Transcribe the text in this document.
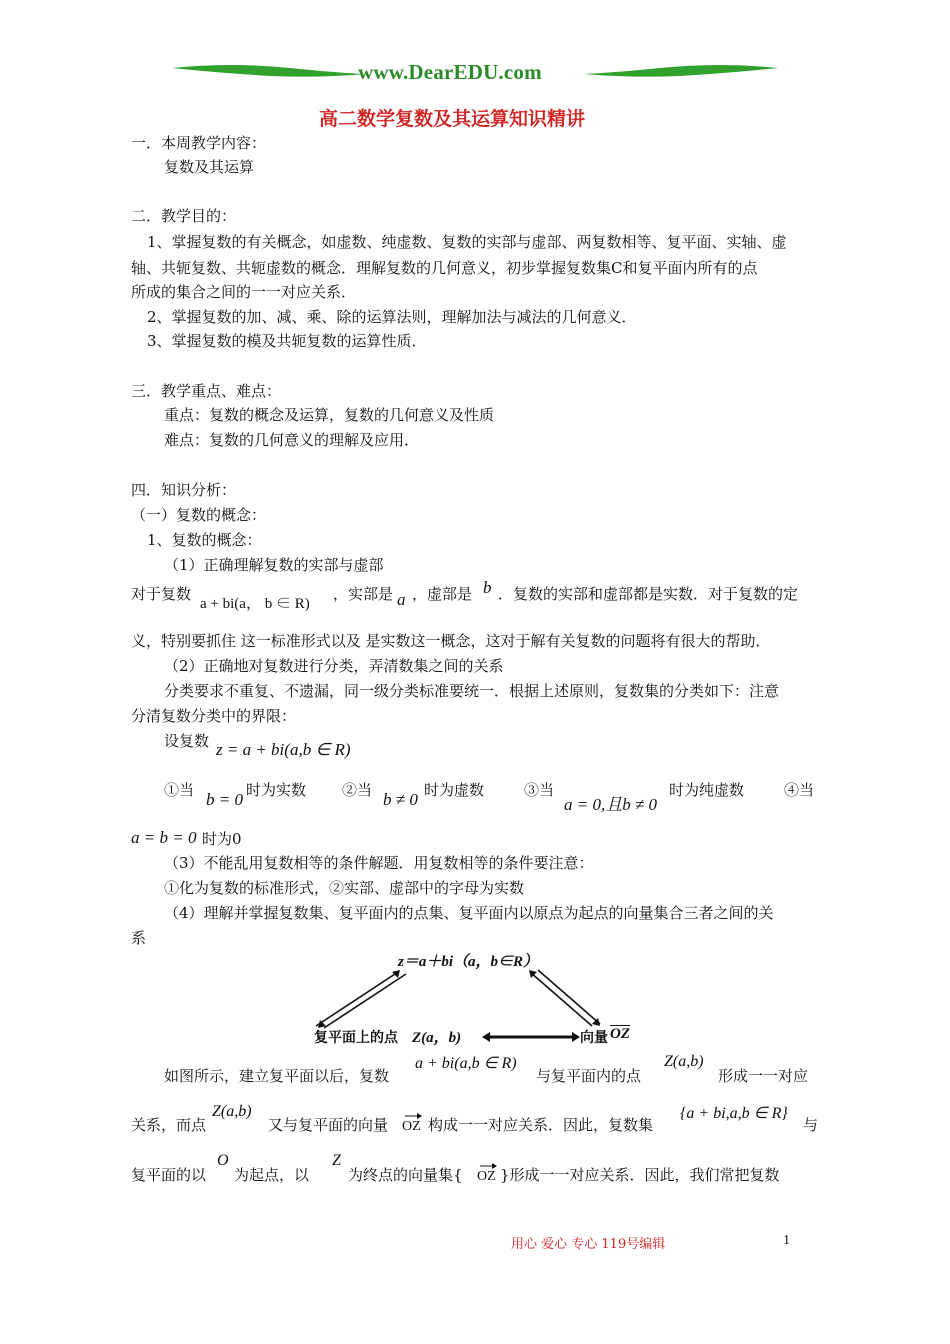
www.DearEDU.com
高二数学复数及其运算知识精讲
一．本周教学内容：
复数及其运算
二．教学目的：
1、掌握复数的有关概念，如虚数、纯虚数、复数的实部与虚部、两复数相等、复平面、实轴、虚
轴、共轭复数、共轭虚数的概念．理解复数的几何意义，初步掌握复数集C和复平面内所有的点
所成的集合之间的一一对应关系．
2、掌握复数的加、减、乘、除的运算法则，理解加法与减法的几何意义．
3、掌握复数的模及共轭复数的运算性质．
三．教学重点、难点：
重点：复数的概念及运算，复数的几何意义及性质
难点：复数的几何意义的理解及应用．
四．知识分析：
（一）复数的概念：
1、复数的概念：
（1）正确理解复数的实部与虚部
对于复数
a + bi(a， b ∈ R)
，实部是 a ，虚部是 b ．复数的实部和虚部都是实数．对于复数的定
义，特别要抓住 这一标准形式以及 是实数这一概念，这对于解有关复数的问题将有很大的帮助．
（2）正确地对复数进行分类，弄清数集之间的关系
分类要求不重复、不遗漏，同一级分类标准要统一．根据上述原则，复数集的分类如下：注意
分清复数分类中的界限：
设复数 z = a + bi(a,b ∈ R)
①当 b = 0 时为实数 ②当 b ≠ 0 时为虚数	③当
a = 0,且b ≠ 0
时为纯虚数	④当
a = b = 0 时为0
（3）不能乱用复数相等的条件解题．用复数相等的条件要注意：
①化为复数的标准形式，②实部、虚部中的字母为实数
（4）理解并掌握复数集、复平面内的点集、复平面内以原点为起点的向量集合三者之间的关
系
z＝a＋bi（a，b∈R）
复平面上的点 Z(a，b)	向量 $\overline{OZ}$
如图所示，建立复平面以后，复数
a + bi(a,b ∈ R)
与复平面内的点
Z(a,b)
形成一一对应
关系，而点
Z(a,b)
又与复平面的向量 OZ 构成一一对应关系．因此，复数集
{a + bi,a,b ∈ R}
与
复平面的以
O
为起点，以
Z
为终点的向量集{ OZ }形成一一对应关系．因此，我们常把复数
用心 爱心 专心 119号编辑	1
